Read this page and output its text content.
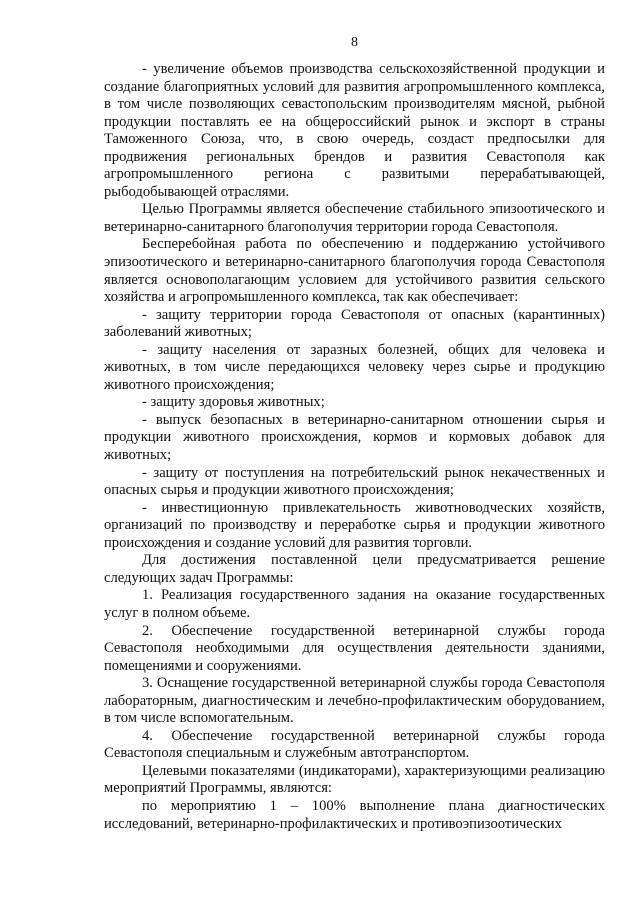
8

- увеличение объемов производства сельскохозяйственной продукции и создание благоприятных условий для развития агропромышленного комплекса, в том числе позволяющих севастопольским производителям мясной, рыбной продукции поставлять ее на общероссийский рынок и экспорт в страны Таможенного Союза, что, в свою очередь, создаст предпосылки для продвижения региональных брендов и развития Севастополя как агропромышленного региона с развитыми перерабатывающей, рыбодобывающей отраслями.

Целью Программы является обеспечение стабильного эпизоотического и ветеринарно-санитарного благополучия территории города Севастополя.

Бесперебойная работа по обеспечению и поддержанию устойчивого эпизоотического и ветеринарно-санитарного благополучия города Севастополя является основополагающим условием для устойчивого развития сельского хозяйства и агропромышленного комплекса, так как обеспечивает:

- защиту территории города Севастополя от опасных (карантинных) заболеваний животных;

- защиту населения от заразных болезней, общих для человека и животных, в том числе передающихся человеку через сырье и продукцию животного происхождения;

- защиту здоровья животных;

- выпуск безопасных в ветеринарно-санитарном отношении сырья и продукции животного происхождения, кормов и кормовых добавок для животных;

- защиту от поступления на потребительский рынок некачественных и опасных сырья и продукции животного происхождения;

- инвестиционную привлекательность животноводческих хозяйств, организаций по производству и переработке сырья и продукции животного происхождения и создание условий для развития торговли.

Для достижения поставленной цели предусматривается решение следующих задач Программы:

1. Реализация государственного задания на оказание государственных услуг в полном объеме.

2. Обеспечение государственной ветеринарной службы города Севастополя необходимыми для осуществления деятельности зданиями, помещениями и сооружениями.

3. Оснащение государственной ветеринарной службы города Севастополя лабораторным, диагностическим и лечебно-профилактическим оборудованием, в том числе вспомогательным.

4. Обеспечение государственной ветеринарной службы города Севастополя специальным и служебным автотранспортом.

Целевыми показателями (индикаторами), характеризующими реализацию мероприятий Программы, являются:

по мероприятию 1 – 100% выполнение плана диагностических исследований, ветеринарно-профилактических и противоэпизоотических
